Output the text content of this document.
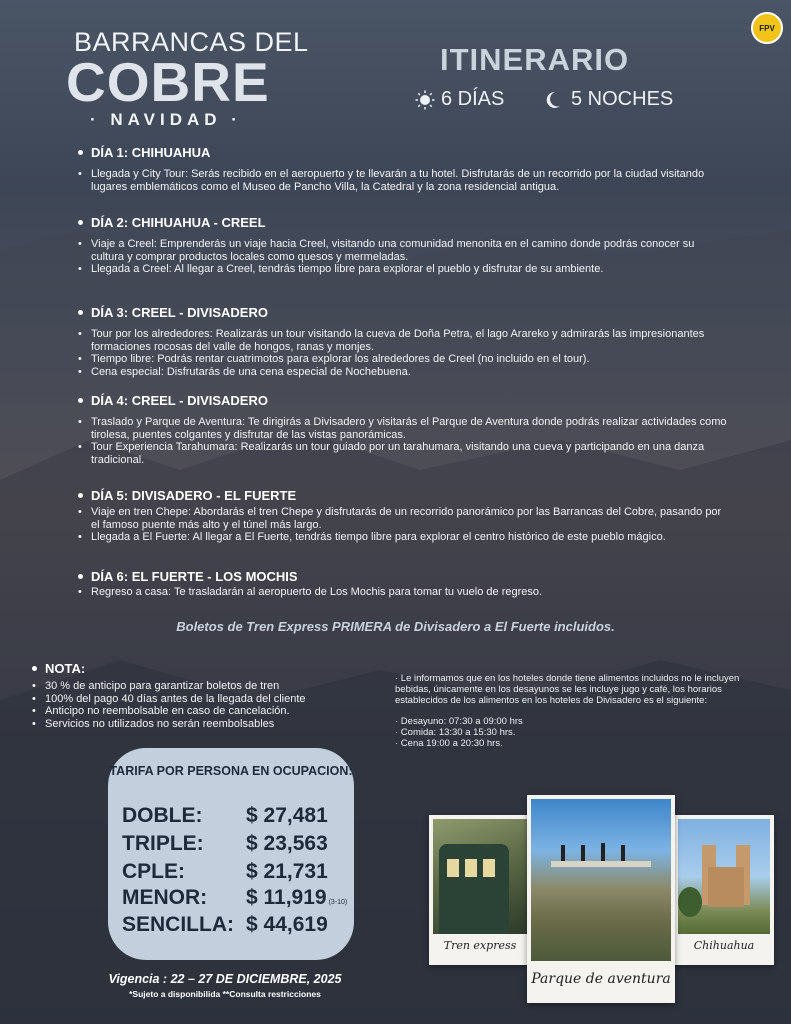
BARRANCAS DEL
COBRE
· NAVIDAD ·
FPV
ITINERARIO
6 DÍAS	5 NOCHES
DÍA 1: CHIHUAHUA
• Llegada y City Tour: Serás recibido en el aeropuerto y te llevarán a tu hotel. Disfrutarás de un recorrido por la ciudad visitando lugares emblemáticos como el Museo de Pancho Villa, la Catedral y la zona residencial antigua.
DÍA 2: CHIHUAHUA - CREEL
• Viaje a Creel: Emprenderás un viaje hacia Creel, visitando una comunidad menonita en el camino donde podrás conocer su cultura y comprar productos locales como quesos y mermeladas.
• Llegada a Creel: Al llegar a Creel, tendrás tiempo libre para explorar el pueblo y disfrutar de su ambiente.
DÍA 3: CREEL - DIVISADERO
• Tour por los alrededores: Realizarás un tour visitando la cueva de Doña Petra, el lago Arareko y admirarás las impresionantes formaciones rocosas del valle de hongos, ranas y monjes.
• Tiempo libre: Podrás rentar cuatrimotos para explorar los alrededores de Creel (no incluido en el tour).
• Cena especial: Disfrutarás de una cena especial de Nochebuena.
DÍA 4: CREEL - DIVISADERO
• Traslado y Parque de Aventura: Te dirigirás a Divisadero y visitarás el Parque de Aventura donde podrás realizar actividades como tirolesa, puentes colgantes y disfrutar de las vistas panorámicas.
• Tour Experiencia Tarahumara: Realizarás un tour guiado por un tarahumara, visitando una cueva y participando en una danza tradicional.
DÍA 5: DIVISADERO - EL FUERTE
• Viaje en tren Chepe: Abordarás el tren Chepe y disfrutarás de un recorrido panorámico por las Barrancas del Cobre, pasando por el famoso puente más alto y el túnel más largo.
• Llegada a El Fuerte: Al llegar a El Fuerte, tendrás tiempo libre para explorar el centro histórico de este pueblo mágico.
DÍA 6: EL FUERTE - LOS MOCHIS
• Regreso a casa: Te trasladarán al aeropuerto de Los Mochis para tomar tu vuelo de regreso.
Boletos de Tren Express PRIMERA de Divisadero a El Fuerte incluidos.
NOTA:
• 30 % de anticipo para garantizar boletos de tren
• 100% del pago 40 días antes de la llegada del cliente
• Anticipo no reembolsable en caso de cancelación.
• Servicios no utilizados no serán reembolsables
· Le informamos que en los hoteles donde tiene alimentos incluidos no le incluyen bebidas, únicamente en los desayunos se les incluye jugo y café, los horarios establecidos de los alimentos en los hoteles de Divisadero es el siguiente:
· Desayuno: 07:30 a 09:00 hrs
· Comida: 13:30 a 15:30 hrs.
· Cena 19:00 a 20:30 hrs.
TARIFA POR PERSONA EN OCUPACION:
DOBLE:	$ 27,481
TRIPLE:	$ 23,563
CPLE:	$ 21,731
MENOR:	$ 11,919 (3-10)
SENCILLA: $ 44,619
Vigencia : 22 – 27 DE DICIEMBRE, 2025
*Sujeto a disponibilida **Consulta restricciones
Tren express	Chihuahua
Parque de aventura
